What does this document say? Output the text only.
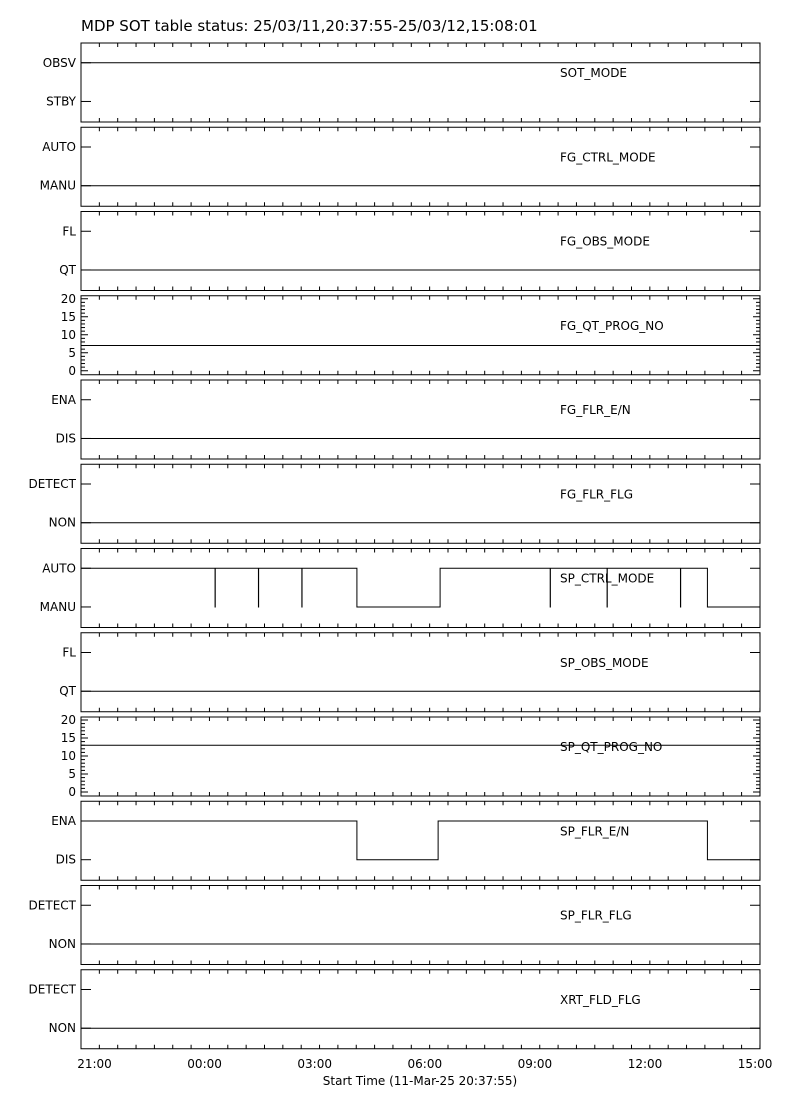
MDP SOT table status: 25/03/11,20:37:55-25/03/12,15:08:01
OBSV
STBY
SOT_MODE
AUTO
MANU
FG_CTRL_MODE
FL
QT
FG_OBS_MODE
0
5
10
15
20
FG_QT_PROG_NO
ENA
DIS
FG_FLR_E/N
DETECT
NON
FG_FLR_FLG
AUTO
MANU
SP_CTRL_MODE
FL
QT
SP_OBS_MODE
0
5
10
15
20
SP_QT_PROG_NO
ENA
DIS
SP_FLR_E/N
DETECT
NON
SP_FLR_FLG
DETECT
NON
XRT_FLD_FLG
21:00	00:00	03:00	06:00	09:00	12:00	15:00
Start Time (11-Mar-25 20:37:55)
